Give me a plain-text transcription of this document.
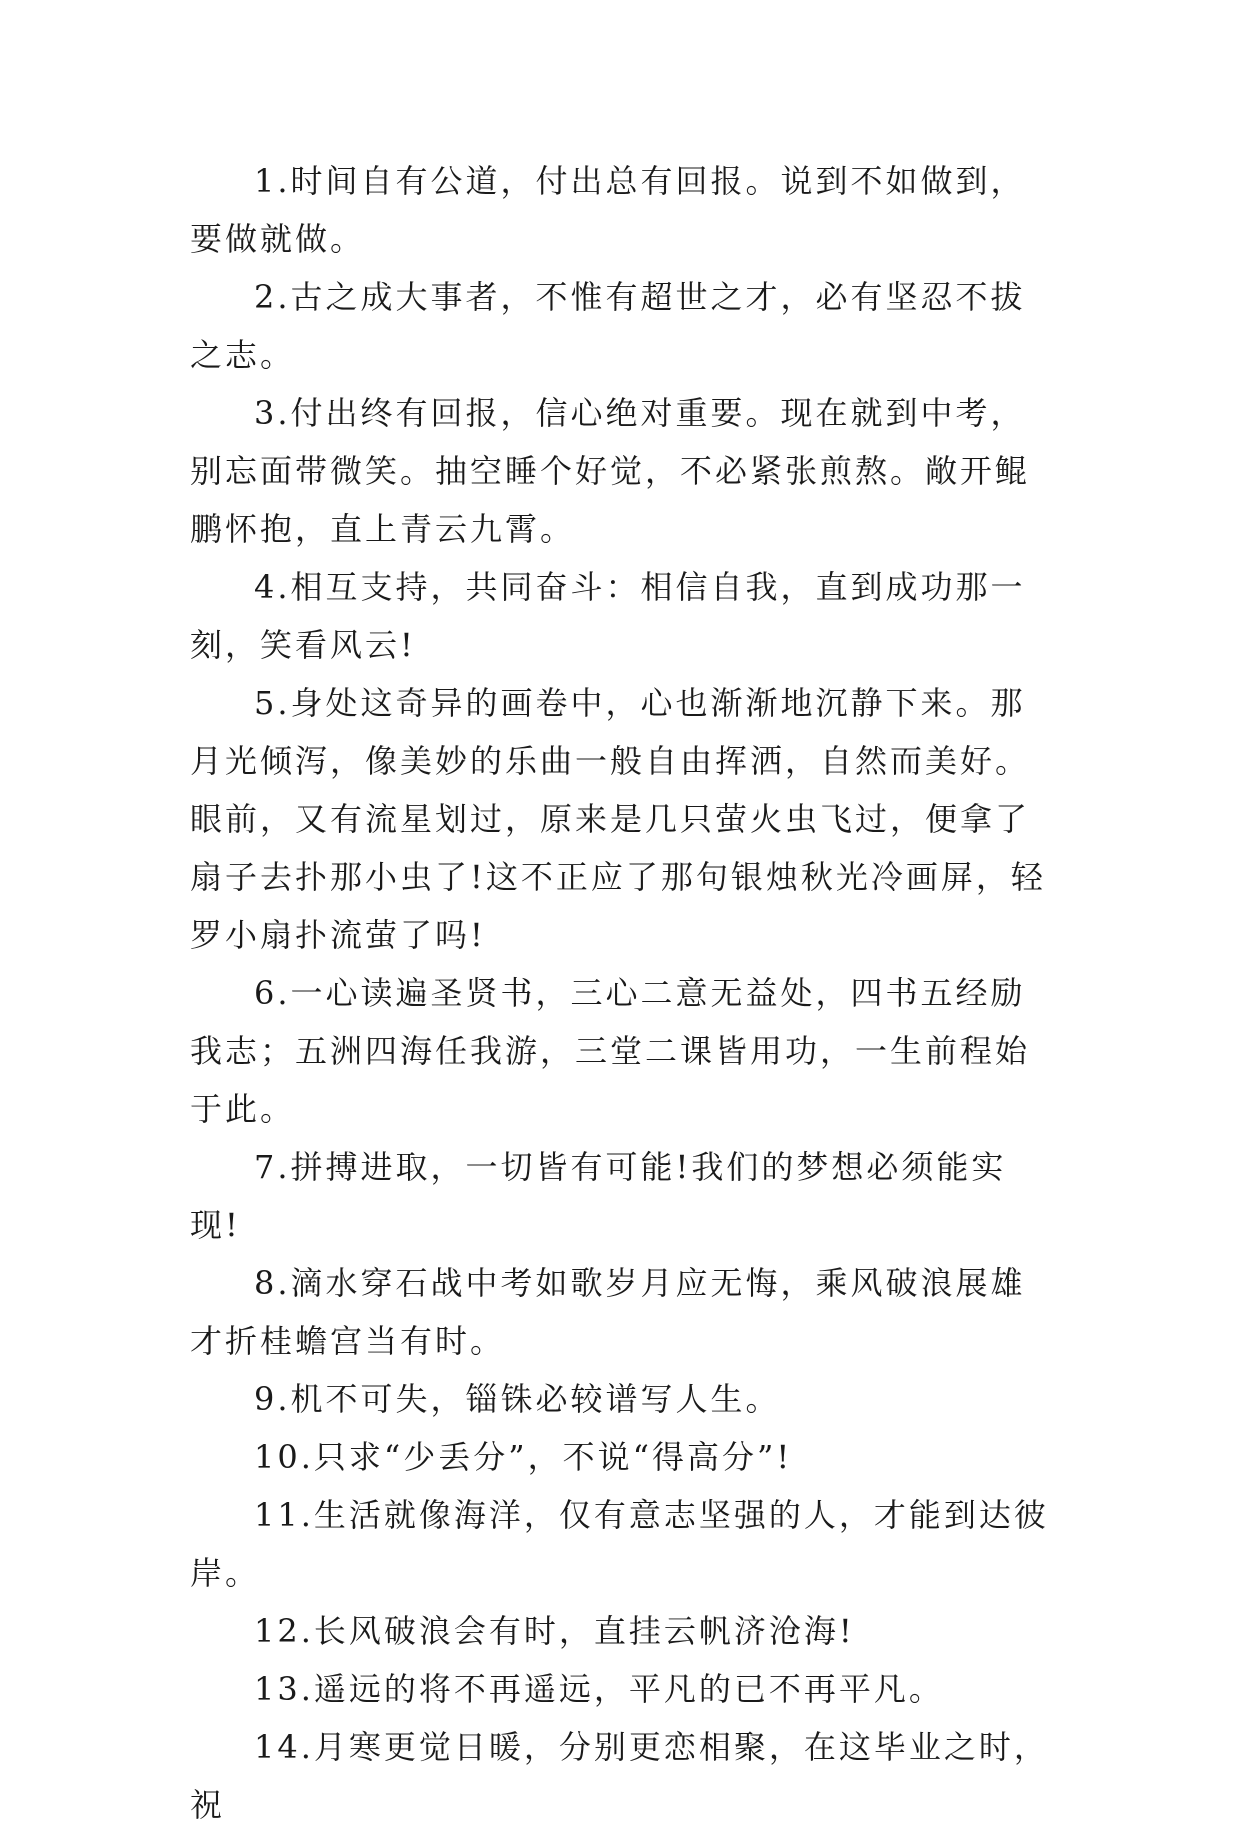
1.时间自有公道，付出总有回报。说到不如做到，要做就做。

2.古之成大事者，不惟有超世之才，必有坚忍不拔之志。

3.付出终有回报，信心绝对重要。现在就到中考，别忘面带微笑。抽空睡个好觉，不必紧张煎熬。敞开鲲鹏怀抱，直上青云九霄。

4.相互支持，共同奋斗：相信自我，直到成功那一刻，笑看风云!

5.身处这奇异的画卷中，心也渐渐地沉静下来。那月光倾泻，像美妙的乐曲一般自由挥洒，自然而美好。眼前，又有流星划过，原来是几只萤火虫飞过，便拿了扇子去扑那小虫了!这不正应了那句银烛秋光冷画屏，轻罗小扇扑流萤了吗!

6.一心读遍圣贤书，三心二意无益处，四书五经励我志；五洲四海任我游，三堂二课皆用功，一生前程始于此。

7.拼搏进取，一切皆有可能!我们的梦想必须能实现!

8.滴水穿石战中考如歌岁月应无悔，乘风破浪展雄才折桂蟾宫当有时。

9.机不可失，锱铢必较谱写人生。

10.只求“少丢分”，不说“得高分”!

11.生活就像海洋，仅有意志坚强的人，才能到达彼岸。

12.长风破浪会有时，直挂云帆济沧海!

13.遥远的将不再遥远，平凡的已不再平凡。

14.月寒更觉日暖，分别更恋相聚，在这毕业之时，祝
